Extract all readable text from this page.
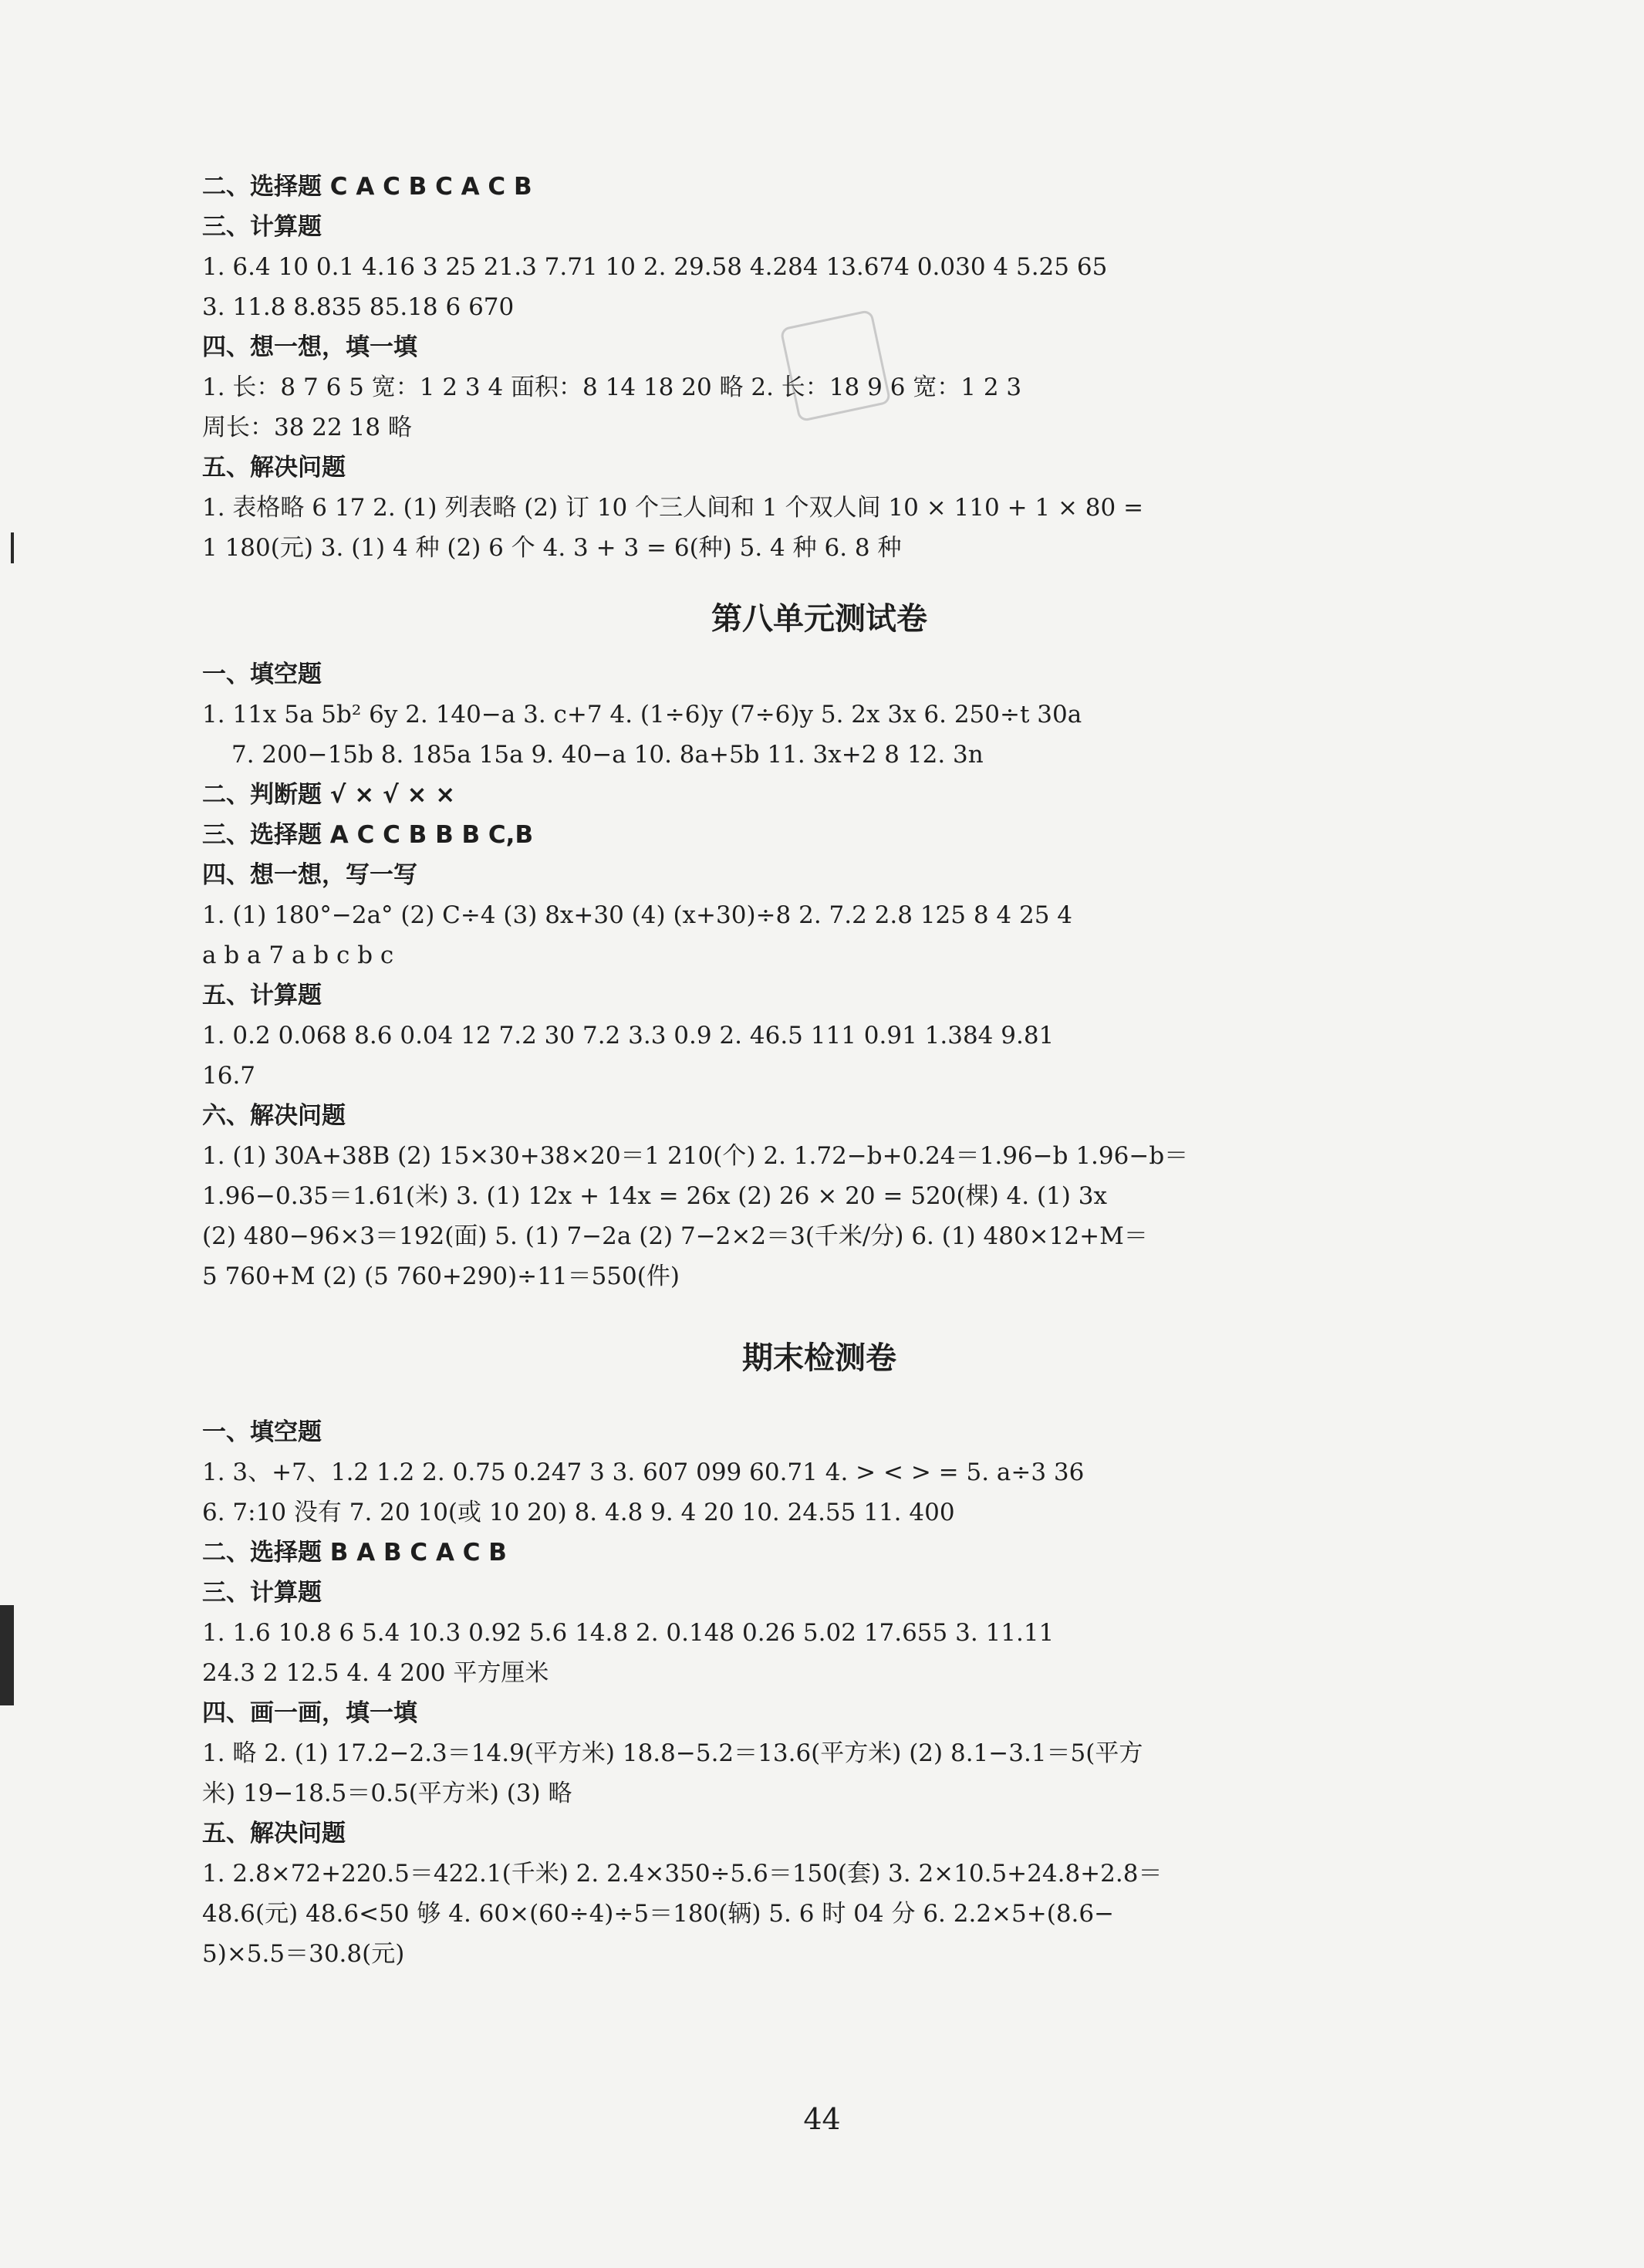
二、选择题 C A C B C A C B
三、计算题
1. 6.4 10 0.1 4.16 3 25 21.3 7.71 10 2. 29.58 4.284 13.674 0.030 4 5.25 65
3. 11.8 8.835 85.18 6 670
四、想一想，填一填
1. 长：8 7 6 5 宽：1 2 3 4 面积：8 14 18 20 略 2. 长：18 9 6 宽：1 2 3
周长：38 22 18 略
五、解决问题
1. 表格略 6 17 2. (1) 列表略 (2) 订 10 个三人间和 1 个双人间 10 × 110 + 1 × 80 =
1 180(元) 3. (1) 4 种 (2) 6 个 4. 3 + 3 = 6(种) 5. 4 种 6. 8 种
第八单元测试卷
一、填空题
1. 11x 5a 5b² 6y 2. 140−a 3. c+7 4. (1÷6)y (7÷6)y 5. 2x 3x 6. 250÷t 30a
7. 200−15b 8. 185a 15a 9. 40−a 10. 8a+5b 11. 3x+2 8 12. 3n
二、判断题 √ × √ × ×
三、选择题 A C C B B B C,B
四、想一想，写一写
1. (1) 180°−2a° (2) C÷4 (3) 8x+30 (4) (x+30)÷8 2. 7.2 2.8 125 8 4 25 4
a b a 7 a b c b c
五、计算题
1. 0.2 0.068 8.6 0.04 12 7.2 30 7.2 3.3 0.9 2. 46.5 111 0.91 1.384 9.81
16.7
六、解决问题
1. (1) 30A+38B (2) 15×30+38×20＝1 210(个) 2. 1.72−b+0.24＝1.96−b 1.96−b＝
1.96−0.35＝1.61(米) 3. (1) 12x + 14x = 26x (2) 26 × 20 = 520(棵) 4. (1) 3x
(2) 480−96×3＝192(面) 5. (1) 7−2a (2) 7−2×2＝3(千米/分) 6. (1) 480×12+M＝
5 760+M (2) (5 760+290)÷11＝550(件)
期末检测卷
一、填空题
1. 3、+7、1.2 1.2 2. 0.75 0.247 3 3. 607 099 60.71 4. > < > = 5. a÷3 36
6. 7:10 没有 7. 20 10(或 10 20) 8. 4.8 9. 4 20 10. 24.55 11. 400
二、选择题 B A B C A C B
三、计算题
1. 1.6 10.8 6 5.4 10.3 0.92 5.6 14.8 2. 0.148 0.26 5.02 17.655 3. 11.11
24.3 2 12.5 4. 4 200 平方厘米
四、画一画，填一填
1. 略 2. (1) 17.2−2.3＝14.9(平方米) 18.8−5.2＝13.6(平方米) (2) 8.1−3.1＝5(平方
米) 19−18.5＝0.5(平方米) (3) 略
五、解决问题
1. 2.8×72+220.5＝422.1(千米) 2. 2.4×350÷5.6＝150(套) 3. 2×10.5+24.8+2.8＝
48.6(元) 48.6<50 够 4. 60×(60÷4)÷5＝180(辆) 5. 6 时 04 分 6. 2.2×5+(8.6−
5)×5.5＝30.8(元)
44
